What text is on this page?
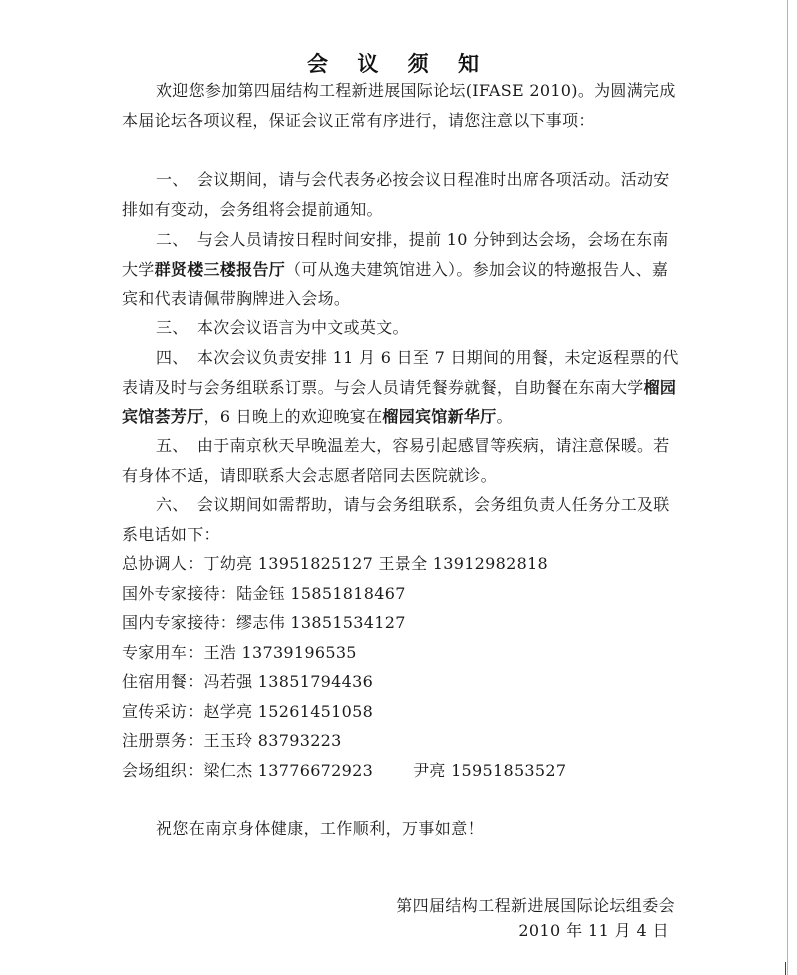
会 议 须 知

欢迎您参加第四届结构工程新进展国际论坛(IFASE 2010)。为圆满完成本届论坛各项议程，保证会议正常有序进行，请您注意以下事项：

一、　会议期间，请与会代表务必按会议日程准时出席各项活动。活动安排如有变动，会务组将会提前通知。

二、　与会人员请按日程时间安排，提前 10 分钟到达会场，会场在东南大学群贤楼三楼报告厅（可从逸夫建筑馆进入）。参加会议的特邀报告人、嘉宾和代表请佩带胸牌进入会场。

三、　本次会议语言为中文或英文。

四、　本次会议负责安排 11 月 6 日至 7 日期间的用餐，未定返程票的代表请及时与会务组联系订票。与会人员请凭餐券就餐，自助餐在东南大学榴园宾馆荟芳厅，6 日晚上的欢迎晚宴在榴园宾馆新华厅。

五、　由于南京秋天早晚温差大，容易引起感冒等疾病，请注意保暖。若有身体不适，请即联系大会志愿者陪同去医院就诊。

六、　会议期间如需帮助，请与会务组联系，会务组负责人任务分工及联系电话如下：

总协调人：丁幼亮 13951825127 王景全 13912982818
国外专家接待：陆金钰 15851818467
国内专家接待：缪志伟 13851534127
专家用车：王浩 13739196535
住宿用餐：冯若强 13851794436
宣传采访：赵学亮 15261451058
注册票务：王玉玲 83793223
会场组织：梁仁杰 13776672923	尹亮 15951853527
祝您在南京身体健康，工作顺利，万事如意！
第四届结构工程新进展国际论坛组委会
2010 年 11 月 4 日
